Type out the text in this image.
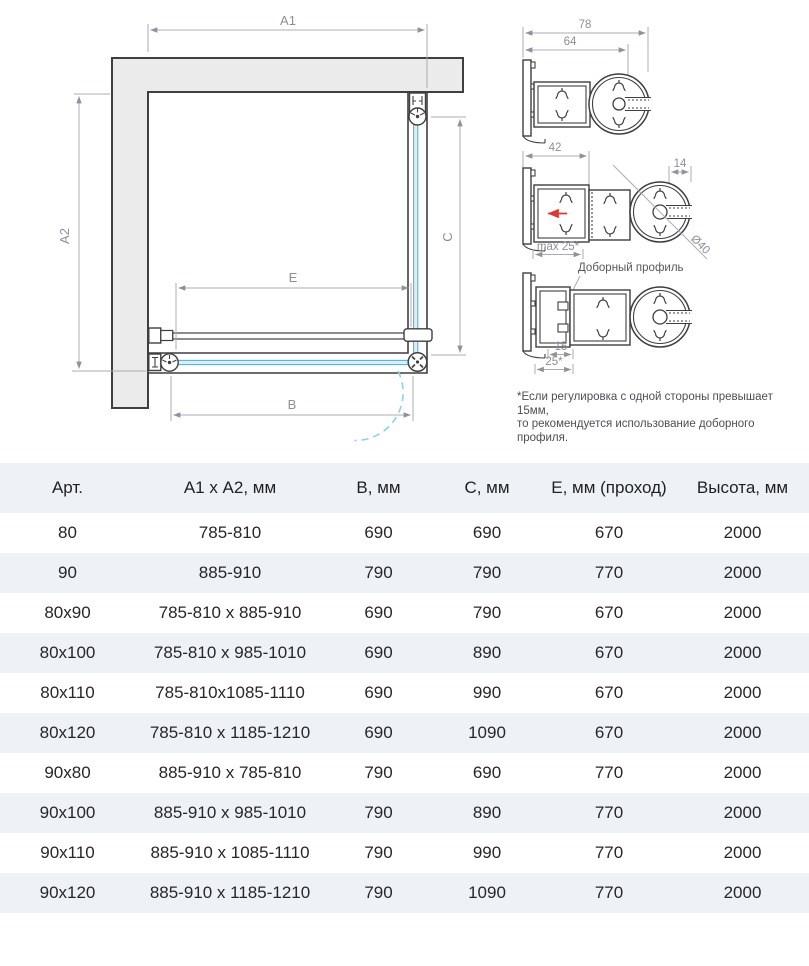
A1
A2	C
E
B
78
64
42
14
Ø40
max 25*
Доборный профиль
15
25*
*Если регулировка с одной стороны превышает 15мм,
то рекомендуется использование доборного профиля.
Арт.	А1 х А2, мм	В, мм	С, мм	Е, мм (проход)	Высота, мм
80	785-810	690	690	670	2000
90	885-910	790	790	770	2000
80х90	785-810 х 885-910	690	790	670	2000
80х100	785-810 х 985-1010	690	890	670	2000
80х110	785-810х1085-1110	690	990	670	2000
80х120	785-810 х 1185-1210	690	1090	670	2000
90х80	885-910 х 785-810	790	690	770	2000
90х100	885-910 х 985-1010	790	890	770	2000
90х110	885-910 х 1085-1110	790	990	770	2000
90х120	885-910 х 1185-1210	790	1090	770	2000
